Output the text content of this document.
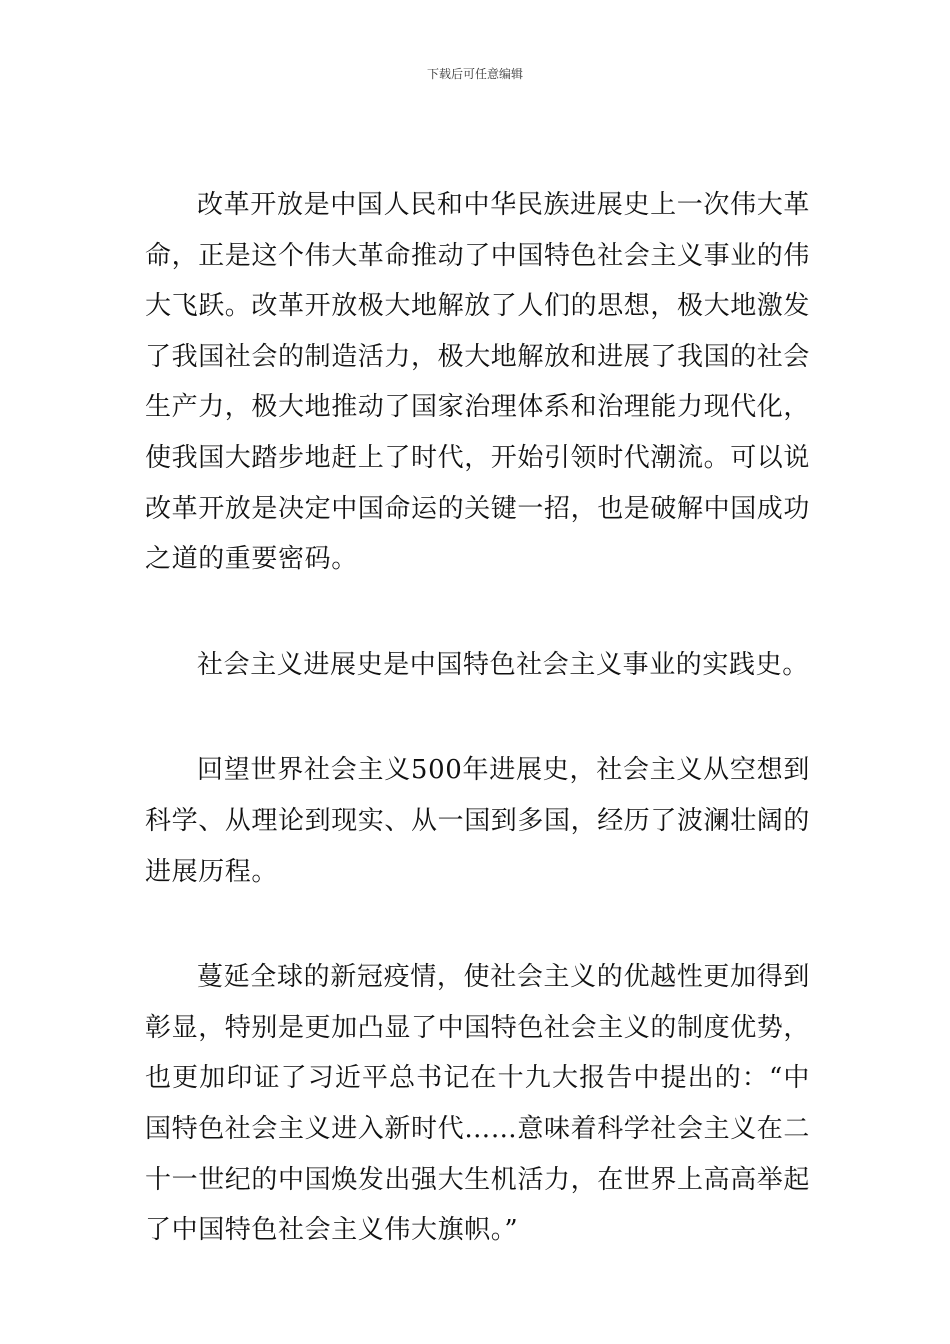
下载后可任意编辑

改革开放是中国人民和中华民族进展史上一次伟大革命，正是这个伟大革命推动了中国特色社会主义事业的伟大飞跃。改革开放极大地解放了人们的思想，极大地激发了我国社会的制造活力，极大地解放和进展了我国的社会生产力，极大地推动了国家治理体系和治理能力现代化，使我国大踏步地赶上了时代，开始引领时代潮流。可以说改革开放是决定中国命运的关键一招，也是破解中国成功之道的重要密码。

社会主义进展史是中国特色社会主义事业的实践史。

回望世界社会主义500年进展史，社会主义从空想到科学、从理论到现实、从一国到多国，经历了波澜壮阔的进展历程。

蔓延全球的新冠疫情，使社会主义的优越性更加得到彰显，特别是更加凸显了中国特色社会主义的制度优势，也更加印证了习近平总书记在十九大报告中提出的：“中国特色社会主义进入新时代……意味着科学社会主义在二十一世纪的中国焕发出强大生机活力，在世界上高高举起了中国特色社会主义伟大旗帜。”
